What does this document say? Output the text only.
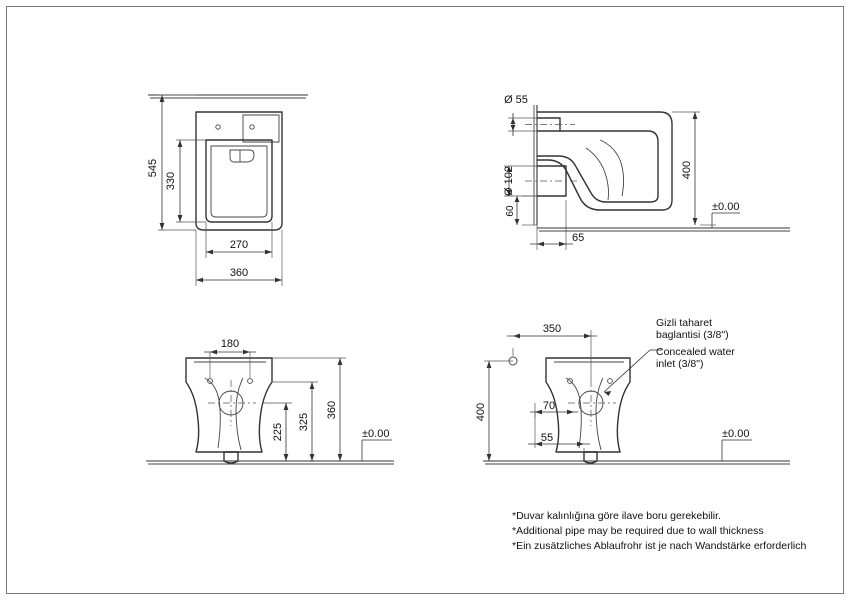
545
330
270
360
60
Ø 55
Ø 102	400
65
±0.00
180
225
325
360
±0.00
Gizli taharet
baglantisi (3/8")
Concealed water
inlet (3/8")
350
400	70
55	±0.00
*Duvar kalınlığına göre ilave boru gerekebilir.
*Additional pipe may be required due to wall thickness
*Ein zusätzliches Ablaufrohr ist je nach Wandstärke erforderlich
